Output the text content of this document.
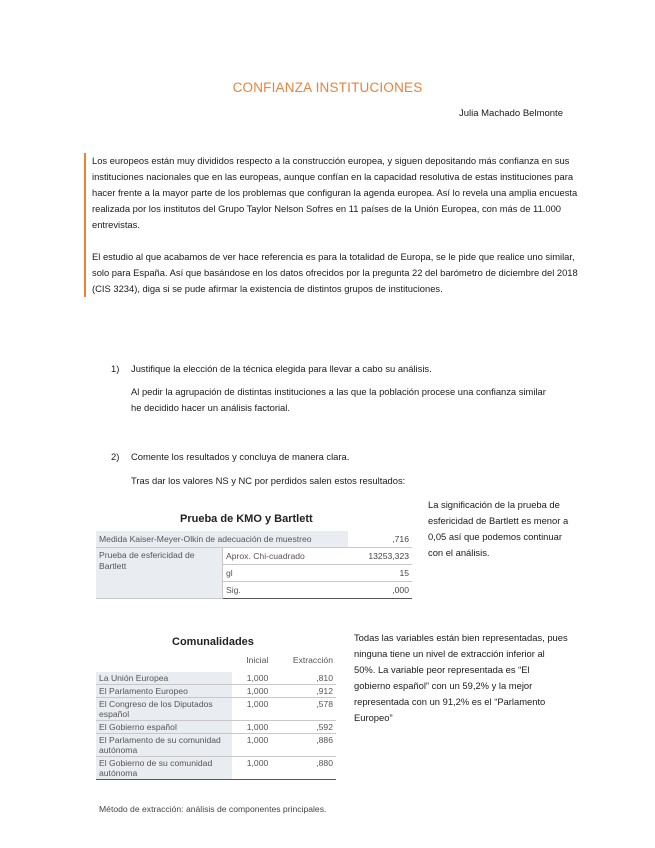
CONFIANZA INSTITUCIONES
Julia Machado Belmonte

Los europeos están muy divididos respecto a la construcción europea, y siguen depositando más confianza en sus instituciones nacionales que en las europeas, aunque confían en la capacidad resolutiva de estas instituciones para hacer frente a la mayor parte de los problemas que configuran la agenda europea. Así lo revela una amplia encuesta realizada por los institutos del Grupo Taylor Nelson Sofres en 11 países de la Unión Europea, con más de 11.000 entrevistas.

El estudio al que acabamos de ver hace referencia es para la totalidad de Europa, se le pide que realice uno similar, solo para España. Así que basándose en los datos ofrecidos por la pregunta 22 del barómetro de diciembre del 2018 (CIS 3234), diga si se pude afirmar la existencia de distintos grupos de instituciones.

1) Justifique la elección de la técnica elegida para llevar a cabo su análisis.
Al pedir la agrupación de distintas instituciones a las que la población procese una confianza similar he decidido hacer un análisis factorial.
2) Comente los resultados y concluya de manera clara.
Tras dar los valores NS y NC por perdidos salen estos resultados:
Prueba de KMO y Bartlett
Medida Kaiser-Meyer-Olkin de adecuación de muestreo		,716
Prueba de esfericidad de Bartlett	Aprox. Chi-cuadrado	13253,323
	gl	15
	Sig.	,000
La significación de la prueba de esfericidad de Bartlett es menor a 0,05 así que podemos continuar con el análisis.
Comunalidades
	Inicial	Extracción
La Unión Europea	1,000	,810
El Parlamento Europeo	1,000	,912
El Congreso de los Diputados español	1,000	,578
El Gobierno español	1,000	,592
El Parlamento de su comunidad autónoma	1,000	,886
El Gobierno de su comunidad autónoma	1,000	,880
Método de extracción: análisis de componentes principales.
Todas las variables están bien representadas, pues ninguna tiene un nivel de extracción inferior al 50%. La variable peor representada es “El gobierno español” con un 59,2% y la mejor representada con un 91,2% es el “Parlamento Europeo”
